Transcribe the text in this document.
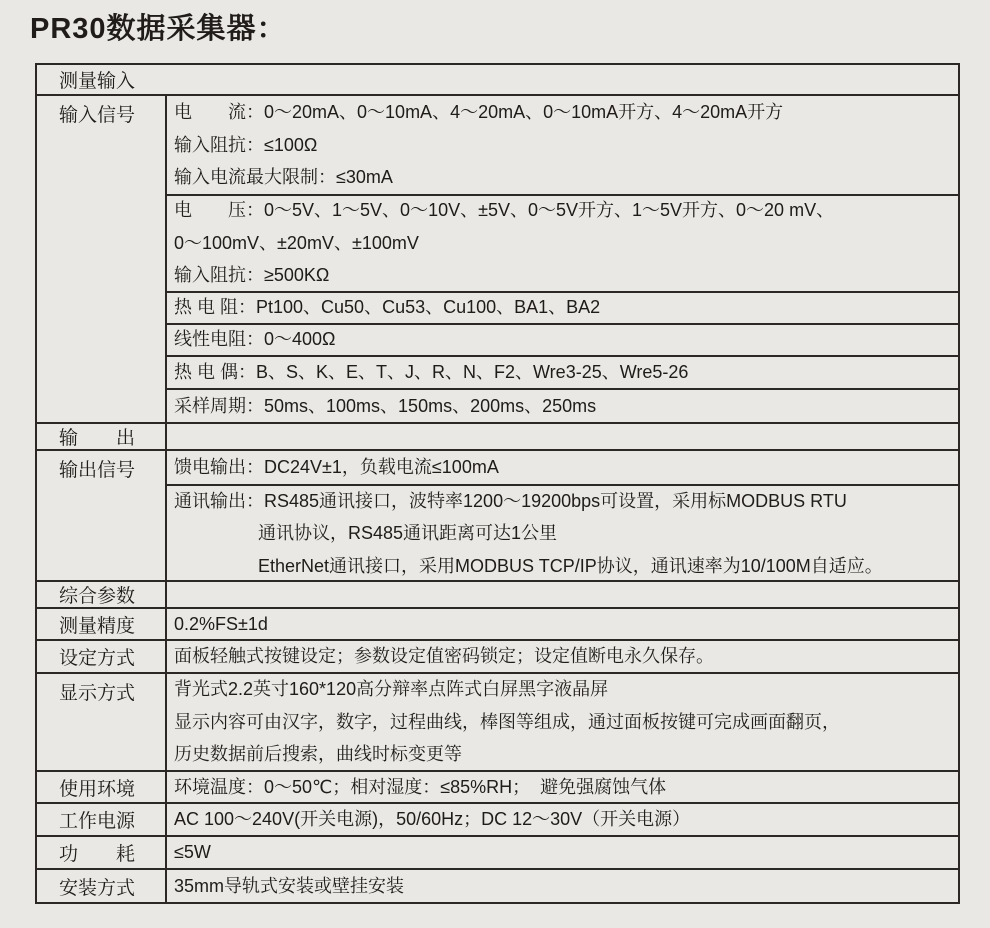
PR30数据采集器：
测量输入
输入信号	电　　流：0～20mA、0～10mA、4～20mA、0～10mA开方、4～20mA开方
输入阻抗：≤100Ω
输入电流最大限制：≤30mA
电　　压：0～5V、1～5V、0～10V、±5V、0～5V开方、1～5V开方、0～20 mV、
0～100mV、±20mV、±100mV
输入阻抗：≥500KΩ
热 电 阻：Pt100、Cu50、Cu53、Cu100、BA1、BA2
线性电阻：0～400Ω
热 电 偶：B、S、K、E、T、J、R、N、F2、Wre3-25、Wre5-26
采样周期：50ms、100ms、150ms、200ms、250ms
输　　出
输出信号	馈电输出：DC24V±1，负载电流≤100mA
通讯输出：RS485通讯接口，波特率1200～19200bps可设置，采用标MODBUS RTU
通讯协议，RS485通讯距离可达1公里
EtherNet通讯接口，采用MODBUS TCP/IP协议，通讯速率为10/100M自适应。
综合参数
测量精度	0.2%FS±1d
设定方式	面板轻触式按键设定；参数设定值密码锁定；设定值断电永久保存。
显示方式	背光式2.2英寸160*120高分辩率点阵式白屏黑字液晶屏
显示内容可由汉字，数字，过程曲线，棒图等组成，通过面板按键可完成画面翻页，
历史数据前后搜索，曲线时标变更等
使用环境	环境温度：0～50℃；相对湿度：≤85%RH；  避免强腐蚀气体
工作电源	AC 100～240V(开关电源)，50/60Hz；DC 12～30V（开关电源）
功　　耗	≤5W
安装方式	35mm导轨式安装或壁挂安装
